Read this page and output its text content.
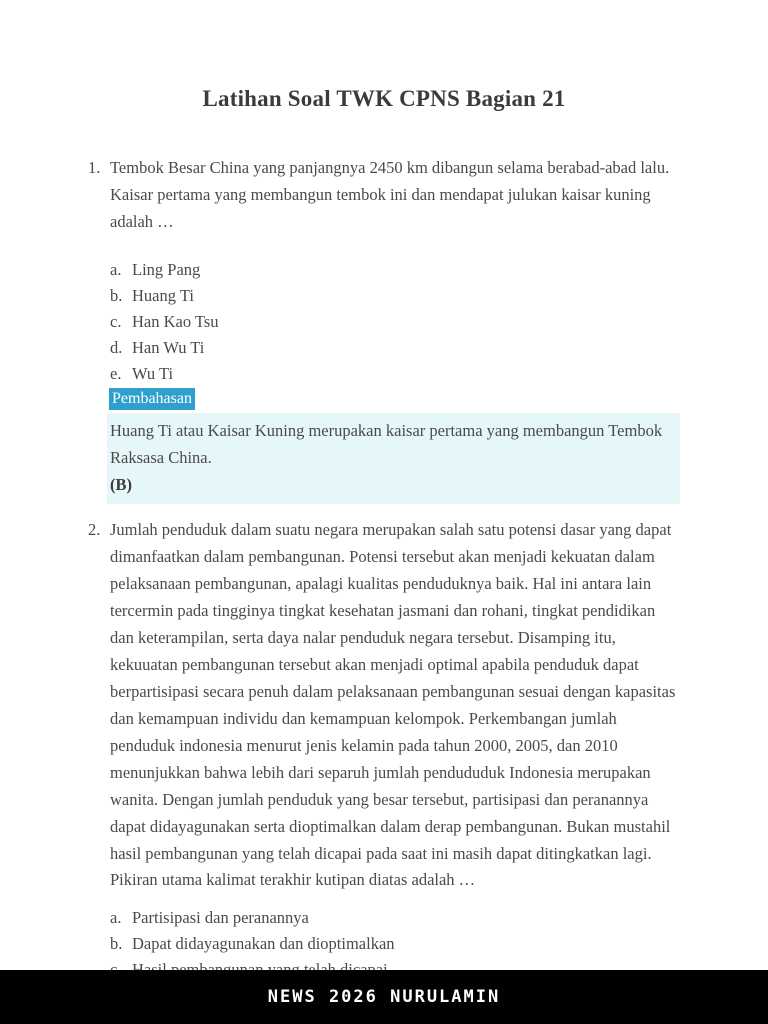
Latihan Soal TWK CPNS Bagian 21
1. Tembok Besar China yang panjangnya 2450 km dibangun selama berabad-abad lalu. Kaisar pertama yang membangun tembok ini dan mendapat julukan kaisar kuning adalah …

a. Ling Pang
b. Huang Ti
c. Han Kao Tsu
d. Han Wu Ti
e. Wu Ti
Pembahasan

Huang Ti atau Kaisar Kuning merupakan kaisar pertama yang membangun Tembok Raksasa China.

(B)

2. Jumlah penduduk dalam suatu negara merupakan salah satu potensi dasar yang dapat dimanfaatkan dalam pembangunan. Potensi tersebut akan menjadi kekuatan dalam pelaksanaan pembangunan, apalagi kualitas penduduknya baik. Hal ini antara lain tercermin pada tingginya tingkat kesehatan jasmani dan rohani, tingkat pendidikan dan keterampilan, serta daya nalar penduduk negara tersebut. Disamping itu, kekuuatan pembangunan tersebut akan menjadi optimal apabila penduduk dapat berpartisipasi secara penuh dalam pelaksanaan pembangunan sesuai dengan kapasitas dan kemampuan individu dan kemampuan kelompok. Perkembangan jumlah penduduk indonesia menurut jenis kelamin pada tahun 2000, 2005, dan 2010 menunjukkan bahwa lebih dari separuh jumlah pendududuk Indonesia merupakan wanita. Dengan jumlah penduduk yang besar tersebut, partisipasi dan peranannya dapat didayagunakan serta dioptimalkan dalam derap pembangunan. Bukan mustahil hasil pembangunan yang telah dicapai pada saat ini masih dapat ditingkatkan lagi.

Pikiran utama kalimat terakhir kutipan diatas adalah …

a. Partisipasi dan peranannya
b. Dapat didayagunakan dan dioptimalkan
NEWS 2026 NURULAMIN
